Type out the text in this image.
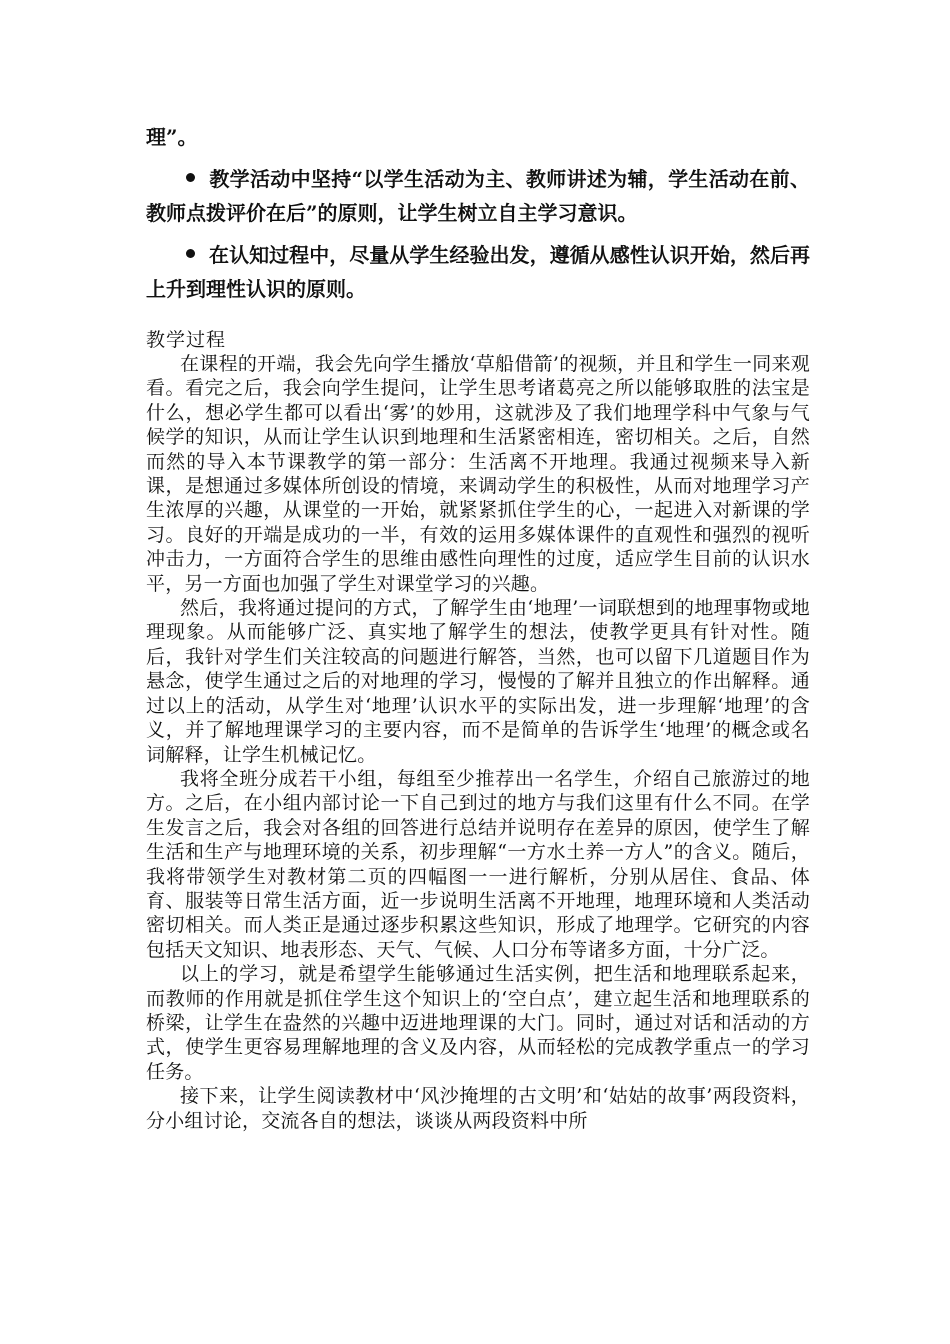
理”。

教学活动中坚持“以学生活动为主、教师讲述为辅，学生活动在前、教师点拨评价在后”的原则，让学生树立自主学习意识。

在认知过程中，尽量从学生经验出发，遵循从感性认识开始，然后再上升到理性认识的原则。

教学过程

在课程的开端，我会先向学生播放‘草船借箭’的视频，并且和学生一同来观看。看完之后，我会向学生提问，让学生思考诸葛亮之所以能够取胜的法宝是什么，想必学生都可以看出‘雾’的妙用，这就涉及了我们地理学科中气象与气候学的知识，从而让学生认识到地理和生活紧密相连，密切相关。之后，自然而然的导入本节课教学的第一部分：生活离不开地理。我通过视频来导入新课，是想通过多媒体所创设的情境，来调动学生的积极性，从而对地理学习产生浓厚的兴趣，从课堂的一开始，就紧紧抓住学生的心，一起进入对新课的学习。良好的开端是成功的一半，有效的运用多媒体课件的直观性和强烈的视听冲击力，一方面符合学生的思维由感性向理性的过度，适应学生目前的认识水平，另一方面也加强了学生对课堂学习的兴趣。

然后，我将通过提问的方式，了解学生由‘地理’一词联想到的地理事物或地理现象。从而能够广泛、真实地了解学生的想法，使教学更具有针对性。随后，我针对学生们关注较高的问题进行解答，当然，也可以留下几道题目作为悬念，使学生通过之后的对地理的学习，慢慢的了解并且独立的作出解释。通过以上的活动，从学生对‘地理’认识水平的实际出发，进一步理解‘地理’的含义，并了解地理课学习的主要内容，而不是简单的告诉学生‘地理’的概念或名词解释，让学生机械记忆。

我将全班分成若干小组，每组至少推荐出一名学生，介绍自己旅游过的地方。之后，在小组内部讨论一下自己到过的地方与我们这里有什么不同。在学生发言之后，我会对各组的回答进行总结并说明存在差异的原因，使学生了解生活和生产与地理环境的关系，初步理解“一方水土养一方人”的含义。随后，我将带领学生对教材第二页的四幅图一一进行解析，分别从居住、食品、体育、服装等日常生活方面，近一步说明生活离不开地理，地理环境和人类活动密切相关。而人类正是通过逐步积累这些知识，形成了地理学。它研究的内容包括天文知识、地表形态、天气、气候、人口分布等诸多方面，十分广泛。

以上的学习，就是希望学生能够通过生活实例，把生活和地理联系起来，而教师的作用就是抓住学生这个知识上的‘空白点’，建立起生活和地理联系的桥梁，让学生在盎然的兴趣中迈进地理课的大门。同时，通过对话和活动的方式，使学生更容易理解地理的含义及内容，从而轻松的完成教学重点一的学习任务。

接下来，让学生阅读教材中‘风沙掩埋的古文明’和‘姑姑的故事’两段资料，分小组讨论，交流各自的想法，谈谈从两段资料中所
